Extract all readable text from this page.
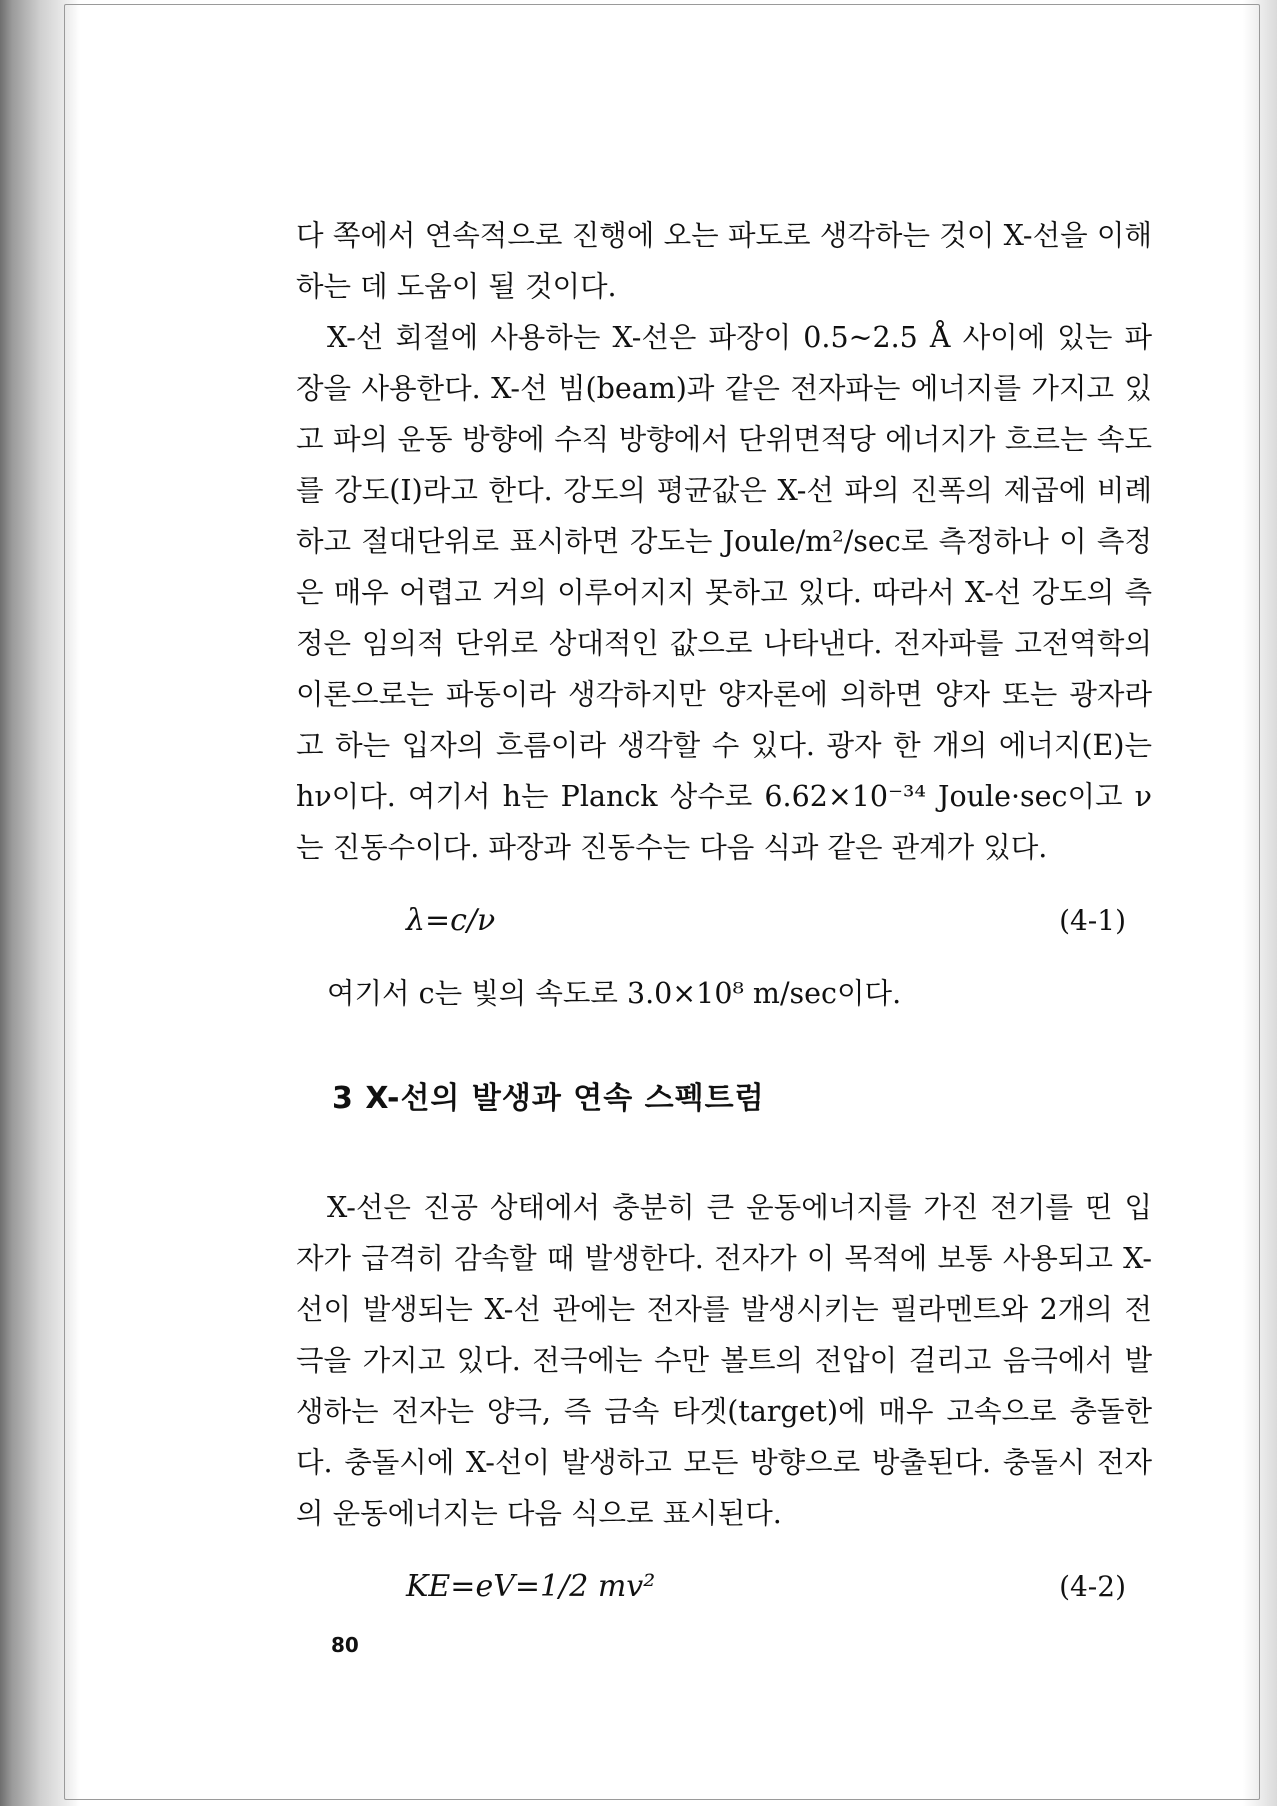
다 쪽에서 연속적으로 진행에 오는 파도로 생각하는 것이 X-선을 이해하는 데 도움이 될 것이다.

X-선 회절에 사용하는 X-선은 파장이 0.5~2.5 Å 사이에 있는 파장을 사용한다. X-선 빔(beam)과 같은 전자파는 에너지를 가지고 있고 파의 운동 방향에 수직 방향에서 단위면적당 에너지가 흐르는 속도를 강도(I)라고 한다. 강도의 평균값은 X-선 파의 진폭의 제곱에 비례하고 절대단위로 표시하면 강도는 Joule/m²/sec로 측정하나 이 측정은 매우 어렵고 거의 이루어지지 못하고 있다. 따라서 X-선 강도의 측정은 임의적 단위로 상대적인 값으로 나타낸다. 전자파를 고전역학의 이론으로는 파동이라 생각하지만 양자론에 의하면 양자 또는 광자라고 하는 입자의 흐름이라 생각할 수 있다. 광자 한 개의 에너지(E)는 hν이다. 여기서 h는 Planck 상수로 6.62×10⁻³⁴ Joule·sec이고 ν는 진동수이다. 파장과 진동수는 다음 식과 같은 관계가 있다.

λ=c/ν	(4-1)

여기서 c는 빛의 속도로 3.0×10⁸ m/sec이다.

3 X-선의 발생과 연속 스펙트럼

X-선은 진공 상태에서 충분히 큰 운동에너지를 가진 전기를 띤 입자가 급격히 감속할 때 발생한다. 전자가 이 목적에 보통 사용되고 X-선이 발생되는 X-선 관에는 전자를 발생시키는 필라멘트와 2개의 전극을 가지고 있다. 전극에는 수만 볼트의 전압이 걸리고 음극에서 발생하는 전자는 양극, 즉 금속 타겟(target)에 매우 고속으로 충돌한다. 충돌시에 X-선이 발생하고 모든 방향으로 방출된다. 충돌시 전자의 운동에너지는 다음 식으로 표시된다.

KE=eV=1/2 mv²	(4-2)
80
